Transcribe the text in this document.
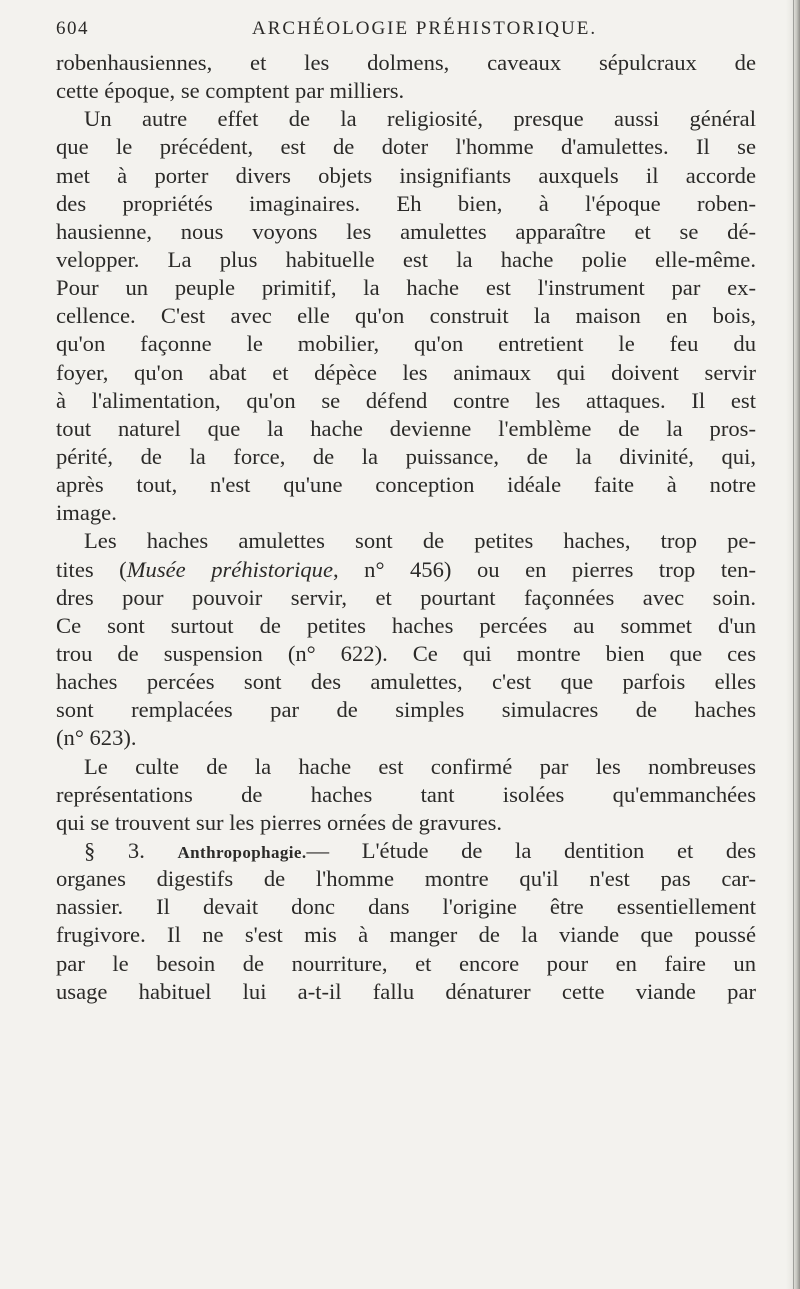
604	ARCHÉOLOGIE PRÉHISTORIQUE.
robenhausiennes, et les dolmens, caveaux sépulcraux de
cette époque, se comptent par milliers.
Un autre effet de la religiosité, presque aussi général
que le précédent, est de doter l'homme d'amulettes. Il se
met à porter divers objets insignifiants auxquels il accorde
des propriétés imaginaires. Eh bien, à l'époque roben-
hausienne, nous voyons les amulettes apparaître et se dé-
velopper. La plus habituelle est la hache polie elle-même.
Pour un peuple primitif, la hache est l'instrument par ex-
cellence. C'est avec elle qu'on construit la maison en bois,
qu'on façonne le mobilier, qu'on entretient le feu du
foyer, qu'on abat et dépèce les animaux qui doivent servir
à l'alimentation, qu'on se défend contre les attaques. Il est
tout naturel que la hache devienne l'emblème de la pros-
périté, de la force, de la puissance, de la divinité, qui,
après tout, n'est qu'une conception idéale faite à notre
image.
Les haches amulettes sont de petites haches, trop pe-
tites (Musée préhistorique, n° 456) ou en pierres trop ten-
dres pour pouvoir servir, et pourtant façonnées avec soin.
Ce sont surtout de petites haches percées au sommet d'un
trou de suspension (n° 622). Ce qui montre bien que ces
haches percées sont des amulettes, c'est que parfois elles
sont remplacées par de simples simulacres de haches
(n° 623).
Le culte de la hache est confirmé par les nombreuses
représentations de haches tant isolées qu'emmanchées
qui se trouvent sur les pierres ornées de gravures.
§ 3. Anthropophagie.— L'étude de la dentition et des
organes digestifs de l'homme montre qu'il n'est pas car-
nassier. Il devait donc dans l'origine être essentiellement
frugivore. Il ne s'est mis à manger de la viande que poussé
par le besoin de nourriture, et encore pour en faire un
usage habituel lui a-t-il fallu dénaturer cette viande par
